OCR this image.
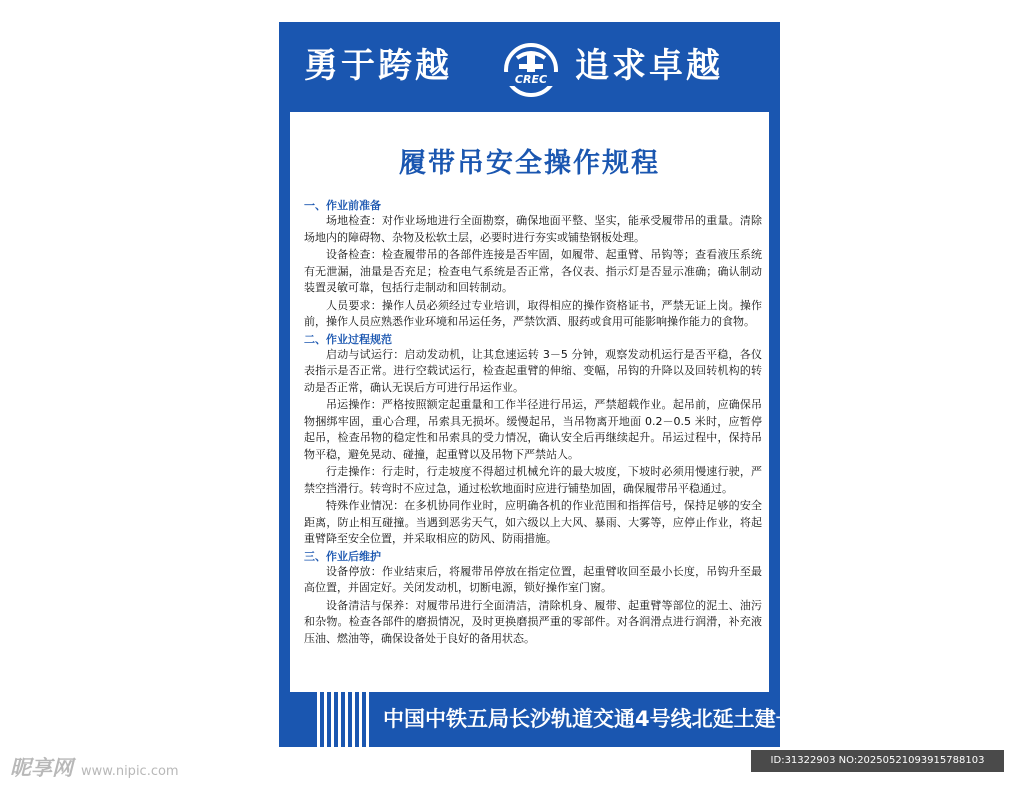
勇于跨越	CREC 追求卓越
履带吊安全操作规程

一、作业前准备

场地检查：对作业场地进行全面勘察，确保地面平整、坚实，能承受履带吊的重量。清除场地内的障碍物、杂物及松软土层，必要时进行夯实或铺垫钢板处理。

设备检查：检查履带吊的各部件连接是否牢固，如履带、起重臂、吊钩等；查看液压系统有无泄漏，油量是否充足；检查电气系统是否正常，各仪表、指示灯是否显示准确；确认制动装置灵敏可靠，包括行走制动和回转制动。

人员要求：操作人员必须经过专业培训，取得相应的操作资格证书，严禁无证上岗。操作前，操作人员应熟悉作业环境和吊运任务，严禁饮酒、服药或食用可能影响操作能力的食物。

二、作业过程规范

启动与试运行：启动发动机，让其怠速运转 3－5 分钟，观察发动机运行是否平稳，各仪表指示是否正常。进行空载试运行，检查起重臂的伸缩、变幅，吊钩的升降以及回转机构的转动是否正常，确认无误后方可进行吊运作业。

吊运操作：严格按照额定起重量和工作半径进行吊运，严禁超载作业。起吊前，应确保吊物捆绑牢固，重心合理，吊索具无损坏。缓慢起吊，当吊物离开地面 0.2－0.5 米时，应暂停起吊，检查吊物的稳定性和吊索具的受力情况，确认安全后再继续起升。吊运过程中，保持吊物平稳，避免晃动、碰撞，起重臂以及吊物下严禁站人。

行走操作：行走时，行走坡度不得超过机械允许的最大坡度，下坡时必须用慢速行驶，严禁空挡滑行。转弯时不应过急，通过松软地面时应进行铺垫加固，确保履带吊平稳通过。

特殊作业情况：在多机协同作业时，应明确各机的作业范围和指挥信号，保持足够的安全距离，防止相互碰撞。当遇到恶劣天气，如六级以上大风、暴雨、大雾等，应停止作业，将起重臂降至安全位置，并采取相应的防风、防雨措施。

三、作业后维护

设备停放：作业结束后，将履带吊停放在指定位置，起重臂收回至最小长度，吊钩升至最高位置，并固定好。关闭发动机，切断电源，锁好操作室门窗。

设备清洁与保养：对履带吊进行全面清洁，清除机身、履带、起重臂等部位的泥土、油污和杂物。检查各部件的磨损情况，及时更换磨损严重的零部件。对各润滑点进行润滑，补充液压油、燃油等，确保设备处于良好的备用状态。

中国中铁五局长沙轨道交通4号线北延土建一标项目部
昵享网 www.nipic.com
ID:31322903 NO:20250521093915788103
